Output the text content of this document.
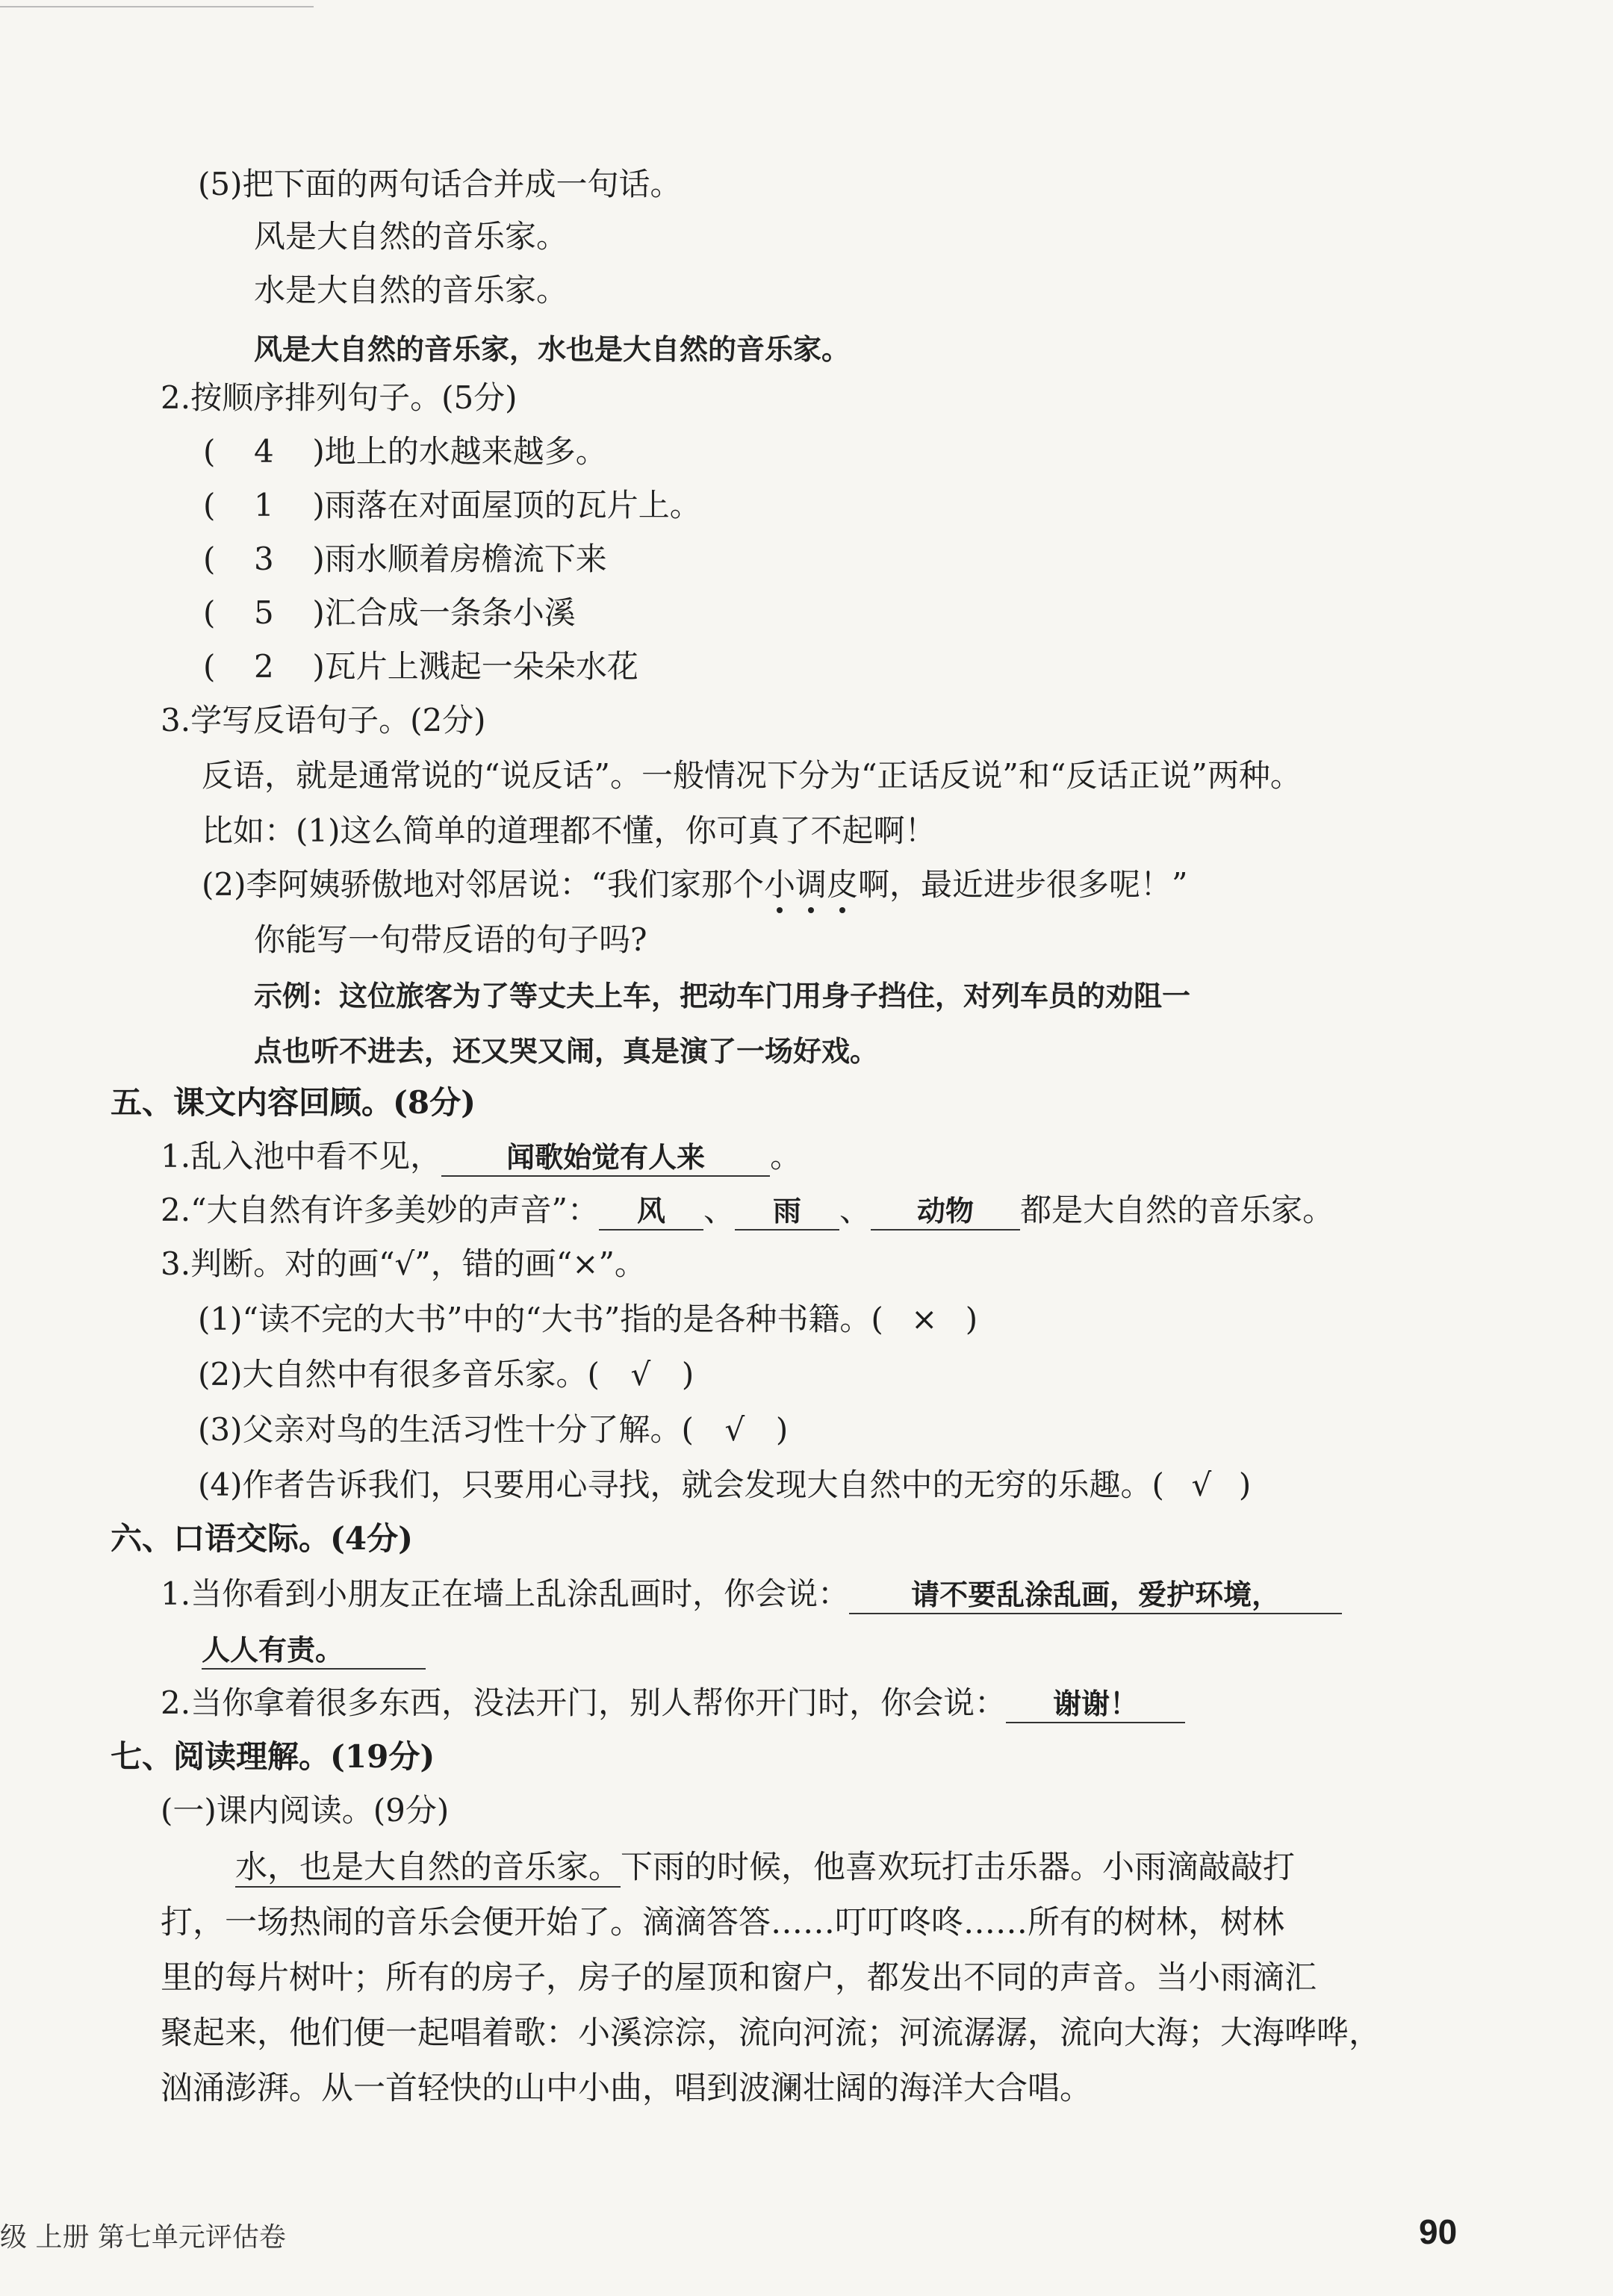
(5)把下面的两句话合并成一句话。
风是大自然的音乐家。
水是大自然的音乐家。
风是大自然的音乐家，水也是大自然的音乐家。
2.按顺序排列句子。(5分)
( 4 )地上的水越来越多。
( 1 )雨落在对面屋顶的瓦片上。
( 3 )雨水顺着房檐流下来
( 5 )汇合成一条条小溪
( 2 )瓦片上溅起一朵朵水花
3.学写反语句子。(2分)
反语，就是通常说的“说反话”。一般情况下分为“正话反说”和“反话正说”两种。
比如：(1)这么简单的道理都不懂，你可真了不起啊！
(2)李阿姨骄傲地对邻居说：“我们家那个小调皮啊，最近进步很多呢！”
你能写一句带反语的句子吗?
示例：这位旅客为了等丈夫上车，把动车门用身子挡住，对列车员的劝阻一
点也听不进去，还又哭又闹，真是演了一场好戏。
五、课文内容回顾。(8分)
1.乱入池中看不见， 闻歌始觉有人来 。
2.“大自然有许多美妙的声音”： 风 、 雨 、 动物 都是大自然的音乐家。
3.判断。对的画“√”，错的画“×”。
(1)“读不完的大书”中的“大书”指的是各种书籍。( × )
(2)大自然中有很多音乐家。( √ )
(3)父亲对鸟的生活习性十分了解。( √ )
(4)作者告诉我们，只要用心寻找，就会发现大自然中的无穷的乐趣。( √ )
六、口语交际。(4分)
1.当你看到小朋友正在墙上乱涂乱画时，你会说： 请不要乱涂乱画，爱护环境，
人人有责。
2.当你拿着很多东西，没法开门，别人帮你开门时，你会说： 谢谢！
七、阅读理解。(19分)
(一)课内阅读。(9分)
水，也是大自然的音乐家。下雨的时候，他喜欢玩打击乐器。小雨滴敲敲打
打，一场热闹的音乐会便开始了。滴滴答答……叮叮咚咚……所有的树林，树林
里的每片树叶；所有的房子，房子的屋顶和窗户，都发出不同的声音。当小雨滴汇
聚起来，他们便一起唱着歌：小溪淙淙，流向河流；河流潺潺，流向大海；大海哗哗，
汹涌澎湃。从一首轻快的山中小曲，唱到波澜壮阔的海洋大合唱。
级 上册 第七单元评估卷	90
